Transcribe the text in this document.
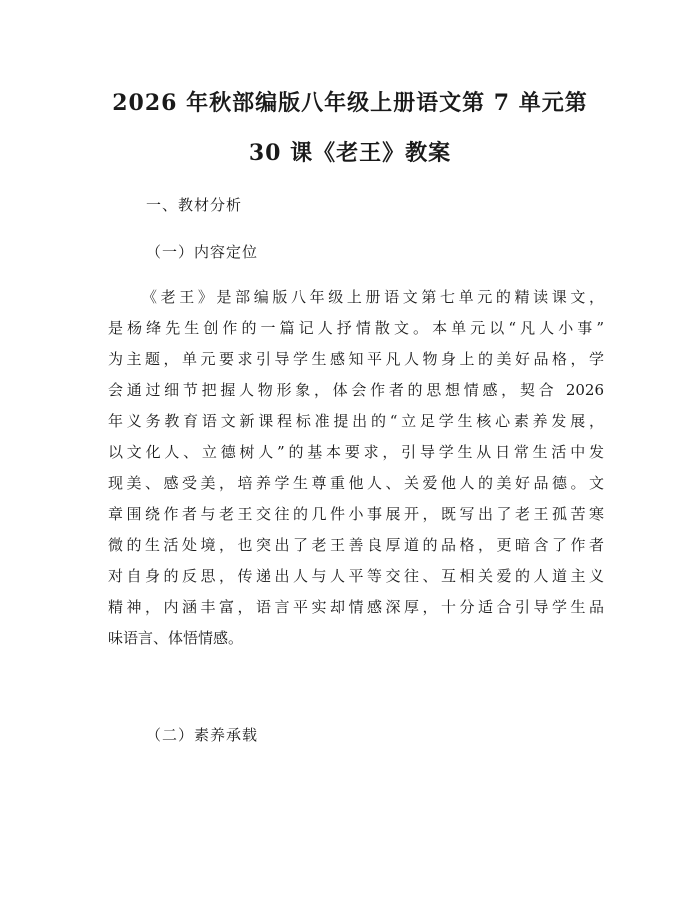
2026 年秋部编版八年级上册语文第 7 单元第
30 课《老王》教案
一、教材分析
（一）内容定位
《老王》是部编版八年级上册语文第七单元的精读课文，
是杨绛先生创作的一篇记人抒情散文。本单元以“凡人小事”
为主题，单元要求引导学生感知平凡人物身上的美好品格，学
会通过细节把握人物形象，体会作者的思想情感，契合 2026
年义务教育语文新课程标准提出的“立足学生核心素养发展，
以文化人、立德树人”的基本要求，引导学生从日常生活中发
现美、感受美，培养学生尊重他人、关爱他人的美好品德。文
章围绕作者与老王交往的几件小事展开，既写出了老王孤苦寒
微的生活处境，也突出了老王善良厚道的品格，更暗含了作者
对自身的反思，传递出人与人平等交往、互相关爱的人道主义
精神，内涵丰富，语言平实却情感深厚，十分适合引导学生品
味语言、体悟情感。
（二）素养承载
